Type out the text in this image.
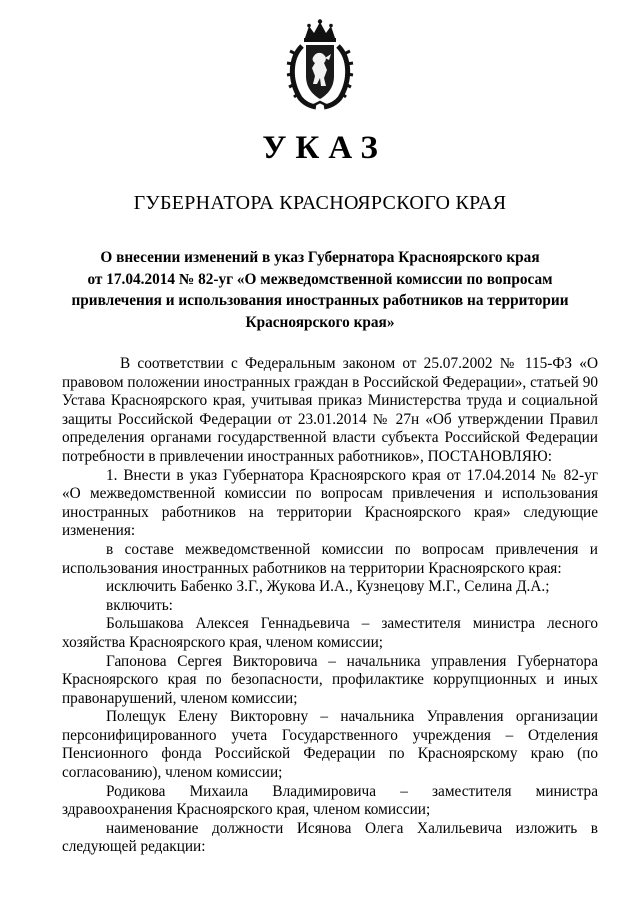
УКАЗ
ГУБЕРНАТОРА КРАСНОЯРСКОГО КРАЯ
О внесении изменений в указ Губернатора Красноярского края
от 17.04.2014 № 82-уг «О межведомственной комиссии по вопросам
привлечения и использования иностранных работников на территории
Красноярского края»

В соответствии с Федеральным законом от 25.07.2002 № 115-ФЗ «О правовом положении иностранных граждан в Российской Федерации», статьей 90 Устава Красноярского края, учитывая приказ Министерства труда и социальной защиты Российской Федерации от 23.01.2014 № 27н «Об утверждении Правил определения органами государственной власти субъекта Российской Федерации потребности в привлечении иностранных работников», ПОСТАНОВЛЯЮ:

1. Внести в указ Губернатора Красноярского края от 17.04.2014 № 82-уг «О межведомственной комиссии по вопросам привлечения и использования иностранных работников на территории Красноярского края» следующие изменения:

в составе межведомственной комиссии по вопросам привлечения и использования иностранных работников на территории Красноярского края:

исключить Бабенко З.Г., Жукова И.А., Кузнецову М.Г., Селина Д.А.;

включить:

Большакова Алексея Геннадьевича – заместителя министра лесного хозяйства Красноярского края, членом комиссии;

Гапонова Сергея Викторовича – начальника управления Губернатора Красноярского края по безопасности, профилактике коррупционных и иных правонарушений, членом комиссии;

Полещук Елену Викторовну – начальника Управления организации персонифицированного учета Государственного учреждения – Отделения Пенсионного фонда Российской Федерации по Красноярскому краю (по согласованию), членом комиссии;

Родикова Михаила Владимировича – заместителя министра здравоохранения Красноярского края, членом комиссии;

наименование должности Исянова Олега Халильевича изложить в следующей редакции:
